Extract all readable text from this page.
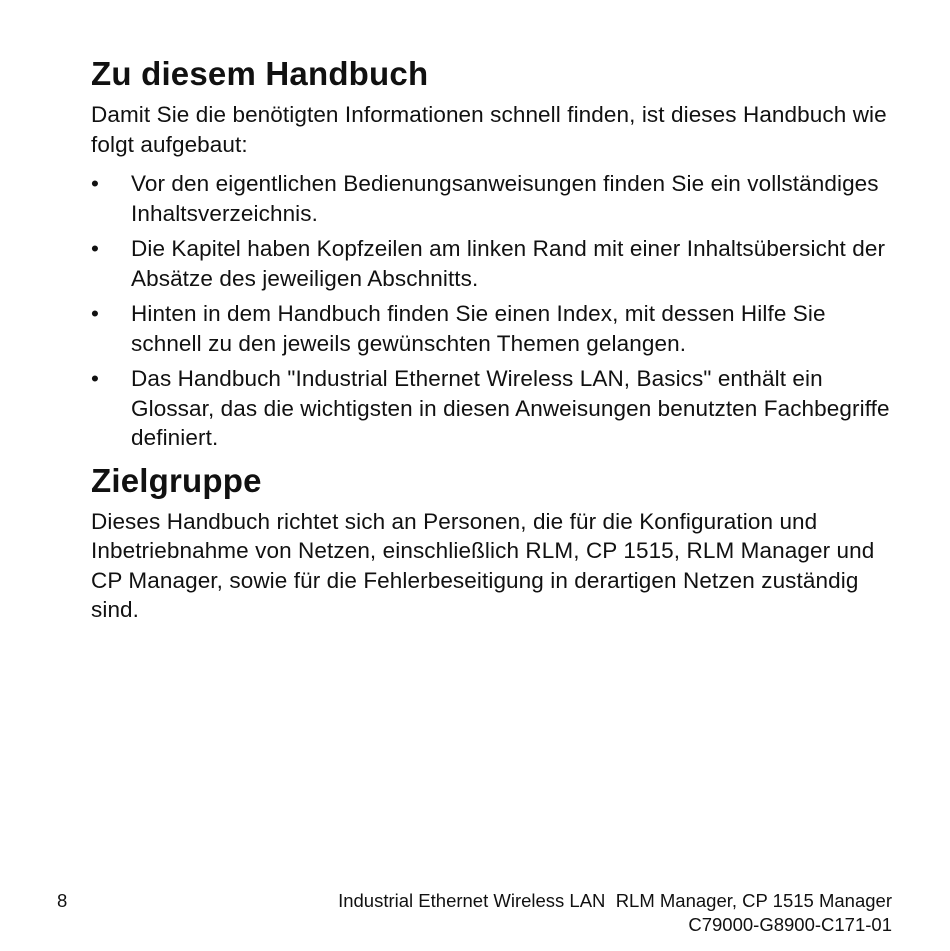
Zu diesem Handbuch

Damit Sie die benötigten Informationen schnell finden, ist dieses Handbuch wie folgt aufgebaut:

•	Vor den eigentlichen Bedienungsanweisungen finden Sie ein vollständiges Inhaltsverzeichnis.
•	Die Kapitel haben Kopfzeilen am linken Rand mit einer Inhaltsübersicht der Absätze des jeweiligen Abschnitts.
•	Hinten in dem Handbuch finden Sie einen Index, mit dessen Hilfe Sie schnell zu den jeweils gewünschten Themen gelangen.
•	Das Handbuch "Industrial Ethernet Wireless LAN, Basics" enthält ein Glossar, das die wichtigsten in diesen Anweisungen benutzten Fachbegriffe definiert.
Zielgruppe

Dieses Handbuch richtet sich an Personen, die für die Konfiguration und Inbetriebnahme von Netzen, einschließlich RLM, CP 1515, RLM Manager und CP Manager, sowie für die Fehlerbeseitigung in derartigen Netzen zuständig sind.

8	Industrial Ethernet Wireless LAN  RLM Manager, CP 1515 Manager
C79000-G8900-C171-01
